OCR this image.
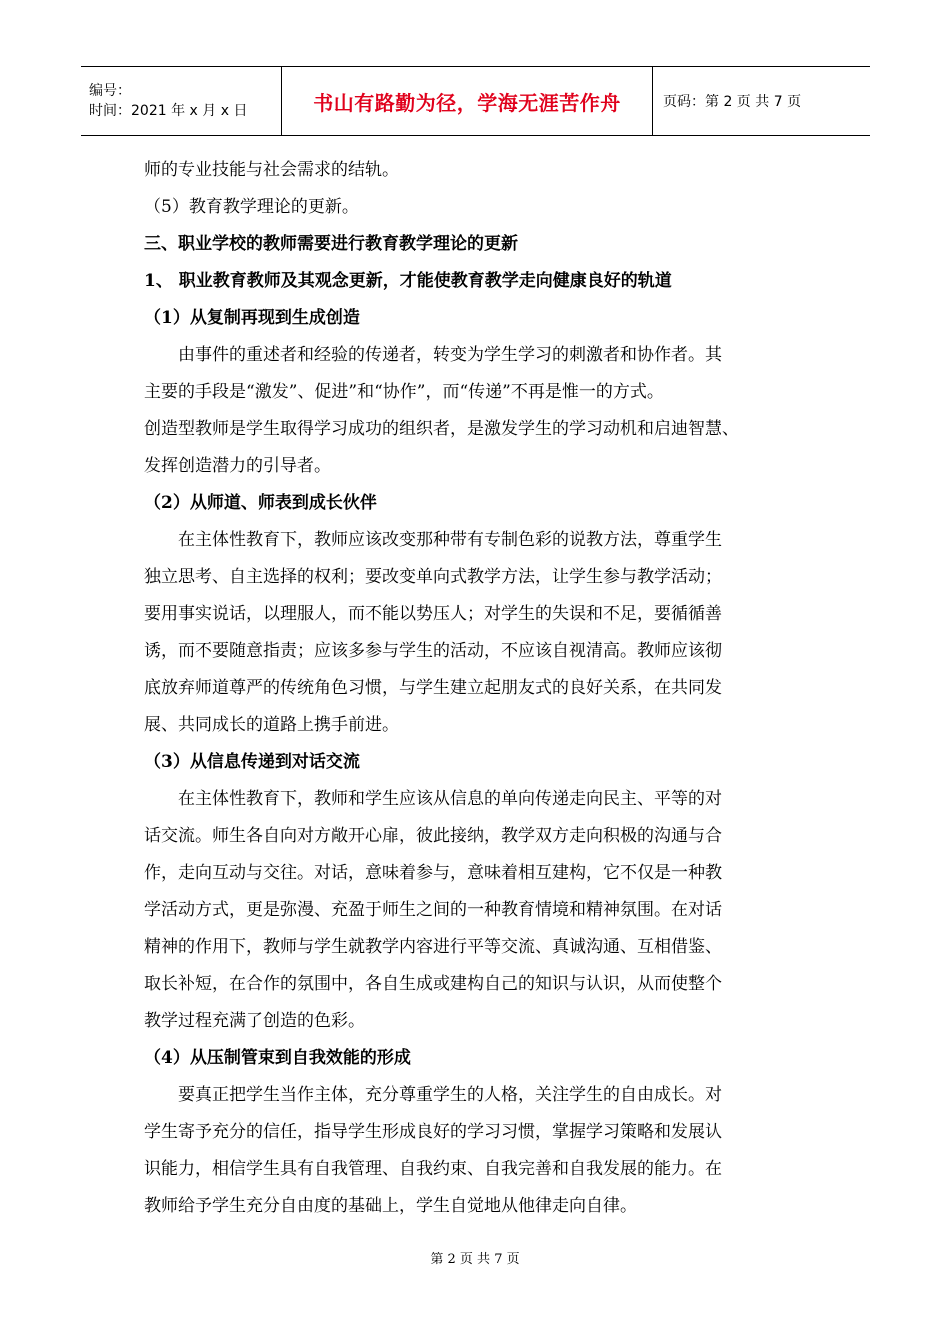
编号：
时间：2021 年 x 月 x 日	书山有路勤为径，学海无涯苦作舟	页码：第 2 页 共 7 页

师的专业技能与社会需求的结轨。

（5）教育教学理论的更新。

三、职业学校的教师需要进行教育教学理论的更新

1、 职业教育教师及其观念更新，才能使教育教学走向健康良好的轨道

（1）从复制再现到生成创造

由事件的重述者和经验的传递者，转变为学生学习的刺激者和协作者。其

主要的手段是“激发”、促进”和“协作”，而“传递”不再是惟一的方式。

创造型教师是学生取得学习成功的组织者，是激发学生的学习动机和启迪智慧、

发挥创造潜力的引导者。

（2）从师道、师表到成长伙伴

在主体性教育下，教师应该改变那种带有专制色彩的说教方法，尊重学生

独立思考、自主选择的权利；要改变单向式教学方法，让学生参与教学活动；

要用事实说话，以理服人，而不能以势压人；对学生的失误和不足，要循循善

诱，而不要随意指责；应该多参与学生的活动，不应该自视清高。教师应该彻

底放弃师道尊严的传统角色习惯，与学生建立起朋友式的良好关系，在共同发

展、共同成长的道路上携手前进。

（3）从信息传递到对话交流

在主体性教育下，教师和学生应该从信息的单向传递走向民主、平等的对

话交流。师生各自向对方敞开心扉，彼此接纳，教学双方走向积极的沟通与合

作，走向互动与交往。对话，意味着参与，意味着相互建构，它不仅是一种教

学活动方式，更是弥漫、充盈于师生之间的一种教育情境和精神氛围。在对话

精神的作用下，教师与学生就教学内容进行平等交流、真诚沟通、互相借鉴、

取长补短，在合作的氛围中，各自生成或建构自己的知识与认识，从而使整个

教学过程充满了创造的色彩。

（4）从压制管束到自我效能的形成

要真正把学生当作主体，充分尊重学生的人格，关注学生的自由成长。对

学生寄予充分的信任，指导学生形成良好的学习习惯，掌握学习策略和发展认

识能力，相信学生具有自我管理、自我约束、自我完善和自我发展的能力。在

教师给予学生充分自由度的基础上，学生自觉地从他律走向自律。

第 2 页 共 7 页
